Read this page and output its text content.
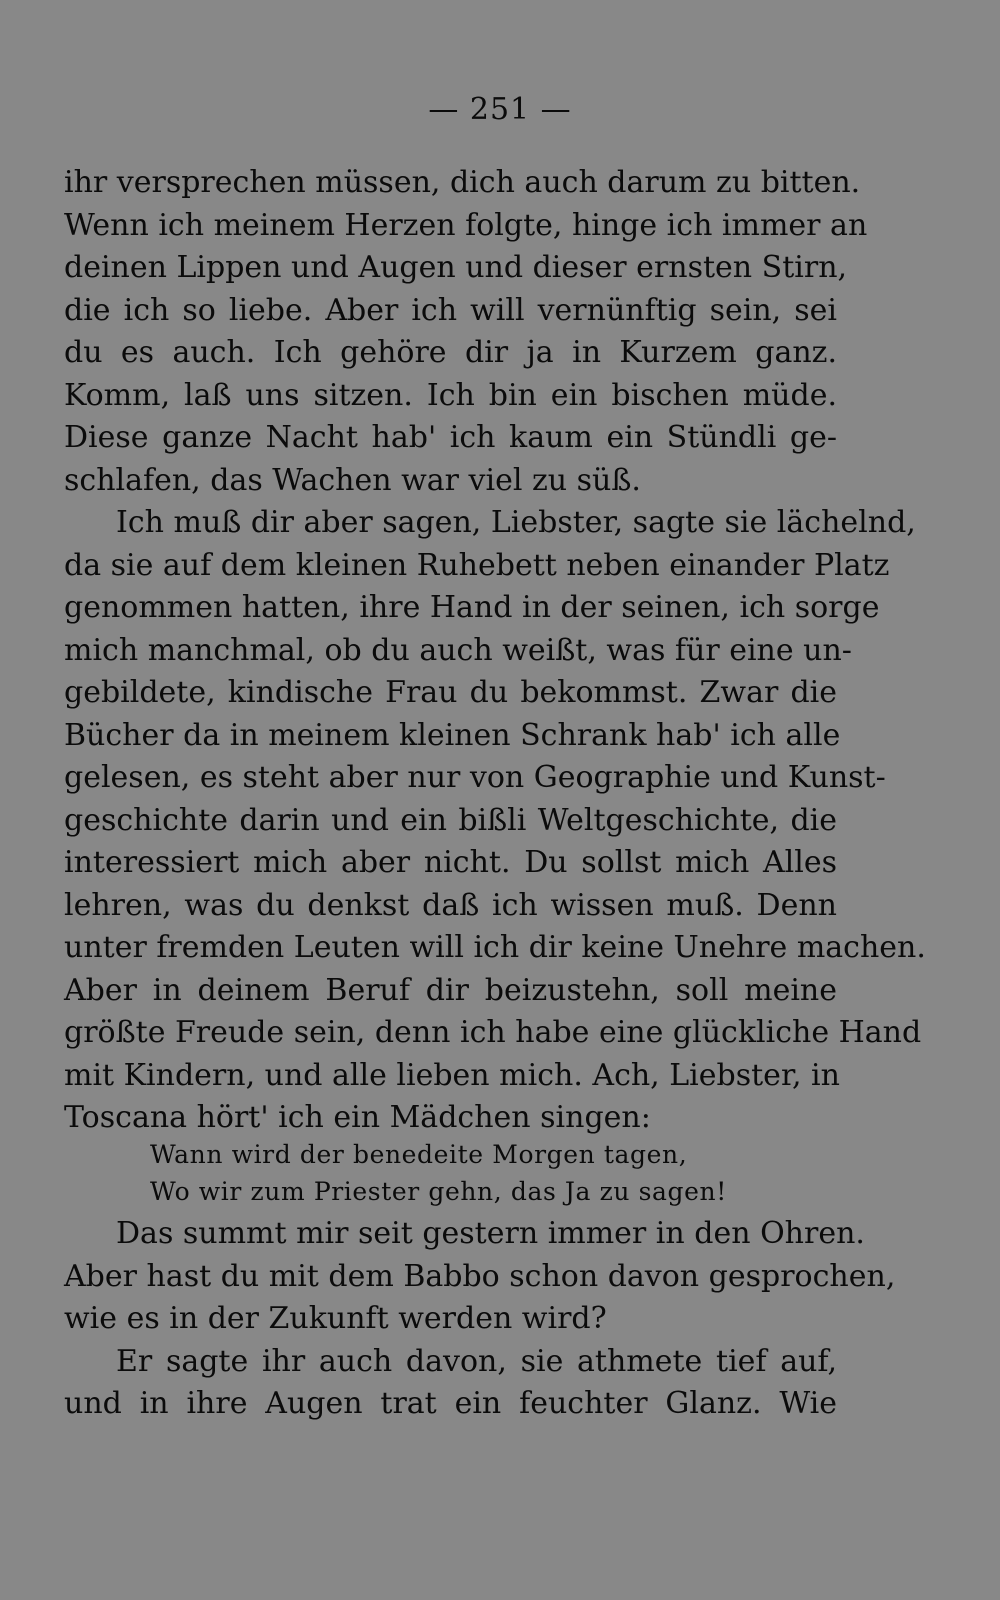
— 251 —
ihr versprechen müssen, dich auch darum zu bitten.
Wenn ich meinem Herzen folgte, hinge ich immer an
deinen Lippen und Augen und dieser ernsten Stirn,
die ich so liebe. Aber ich will vernünftig sein, sei
du es auch. Ich gehöre dir ja in Kurzem ganz.
Komm, laß uns sitzen. Ich bin ein bischen müde.
Diese ganze Nacht hab' ich kaum ein Stündli ge-
schlafen, das Wachen war viel zu süß.
Ich muß dir aber sagen, Liebster, sagte sie lächelnd,
da sie auf dem kleinen Ruhebett neben einander Platz
genommen hatten, ihre Hand in der seinen, ich sorge
mich manchmal, ob du auch weißt, was für eine un-
gebildete, kindische Frau du bekommst. Zwar die
Bücher da in meinem kleinen Schrank hab' ich alle
gelesen, es steht aber nur von Geographie und Kunst-
geschichte darin und ein bißli Weltgeschichte, die
interessiert mich aber nicht. Du sollst mich Alles
lehren, was du denkst daß ich wissen muß. Denn
unter fremden Leuten will ich dir keine Unehre machen.
Aber in deinem Beruf dir beizustehn, soll meine
größte Freude sein, denn ich habe eine glückliche Hand
mit Kindern, und alle lieben mich. Ach, Liebster, in
Toscana hört' ich ein Mädchen singen:
Wann wird der benedeite Morgen tagen,
Wo wir zum Priester gehn, das Ja zu sagen!
Das summt mir seit gestern immer in den Ohren.
Aber hast du mit dem Babbo schon davon gesprochen,
wie es in der Zukunft werden wird?
Er sagte ihr auch davon, sie athmete tief auf,
und in ihre Augen trat ein feuchter Glanz. Wie
